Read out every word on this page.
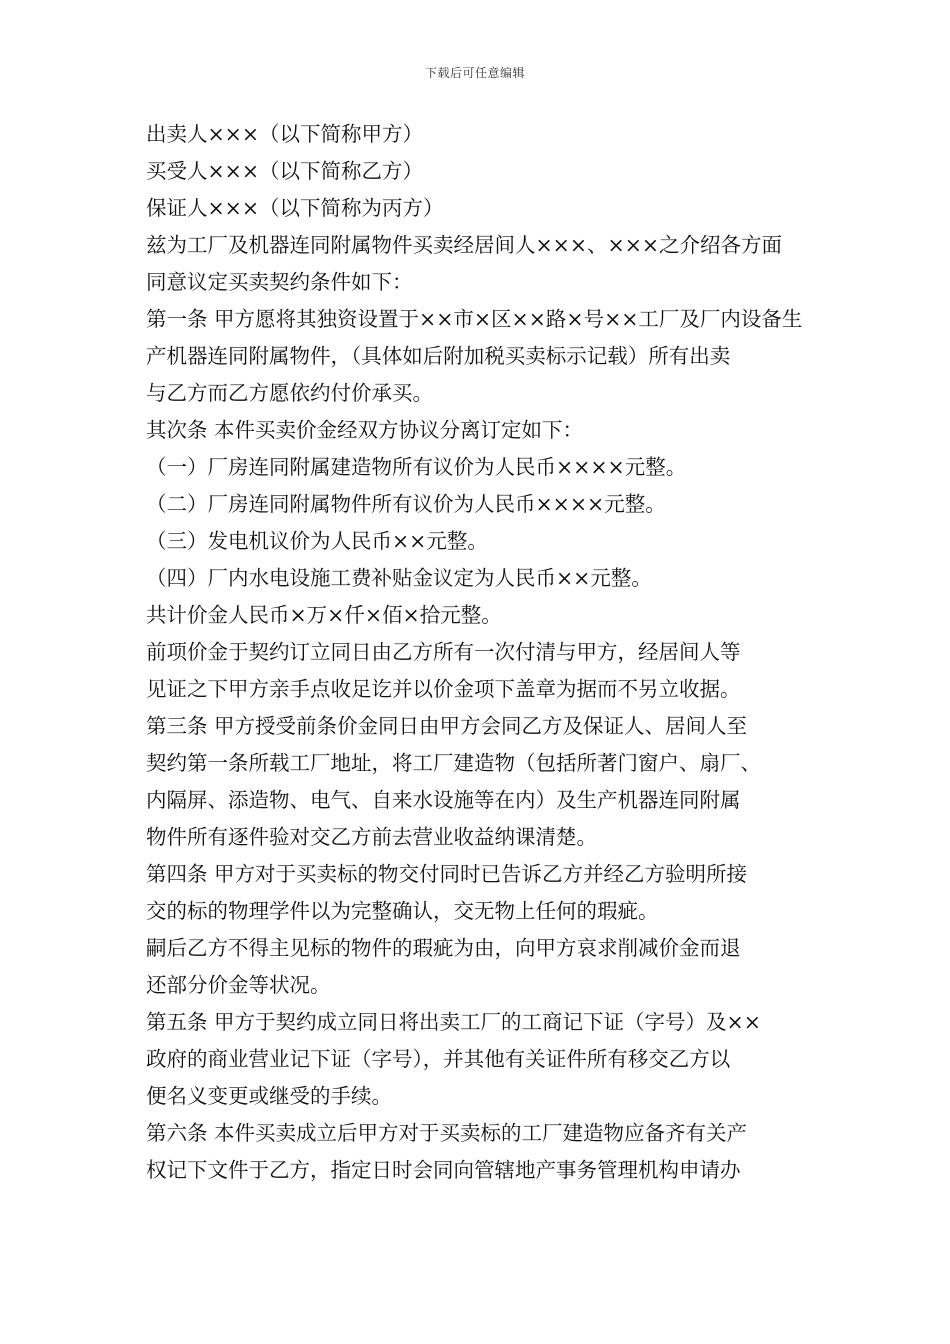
下载后可任意编辑

出卖人×××（以下简称甲方）

买受人×××（以下简称乙方）

保证人×××（以下简称为丙方）

兹为工厂及机器连同附属物件买卖经居间人×××、×××之介绍各方面

同意议定买卖契约条件如下：

第一条 甲方愿将其独资设置于××市×区××路×号××工厂及厂内设备生

产机器连同附属物件，（具体如后附加税买卖标示记载）所有出卖

与乙方而乙方愿依约付价承买。

其次条 本件买卖价金经双方协议分离订定如下：

（一）厂房连同附属建造物所有议价为人民币××××元整。

（二）厂房连同附属物件所有议价为人民币××××元整。

（三）发电机议价为人民币××元整。

（四）厂内水电设施工费补贴金议定为人民币××元整。

共计价金人民币×万×仟×佰×拾元整。

前项价金于契约订立同日由乙方所有一次付清与甲方，经居间人等

见证之下甲方亲手点收足讫并以价金项下盖章为据而不另立收据。

第三条 甲方授受前条价金同日由甲方会同乙方及保证人、居间人至

契约第一条所载工厂地址，将工厂建造物（包括所著门窗户、扇厂、

内隔屏、添造物、电气、自来水设施等在内）及生产机器连同附属

物件所有逐件验对交乙方前去营业收益纳课清楚。

第四条 甲方对于买卖标的物交付同时已告诉乙方并经乙方验明所接

交的标的物理学件以为完整确认，交无物上任何的瑕疵。

嗣后乙方不得主见标的物件的瑕疵为由，向甲方哀求削减价金而退

还部分价金等状况。

第五条 甲方于契约成立同日将出卖工厂的工商记下证（字号）及××

政府的商业营业记下证（字号），并其他有关证件所有移交乙方以

便名义变更或继受的手续。

第六条 本件买卖成立后甲方对于买卖标的工厂建造物应备齐有关产

权记下文件于乙方，指定日时会同向管辖地产事务管理机构申请办
